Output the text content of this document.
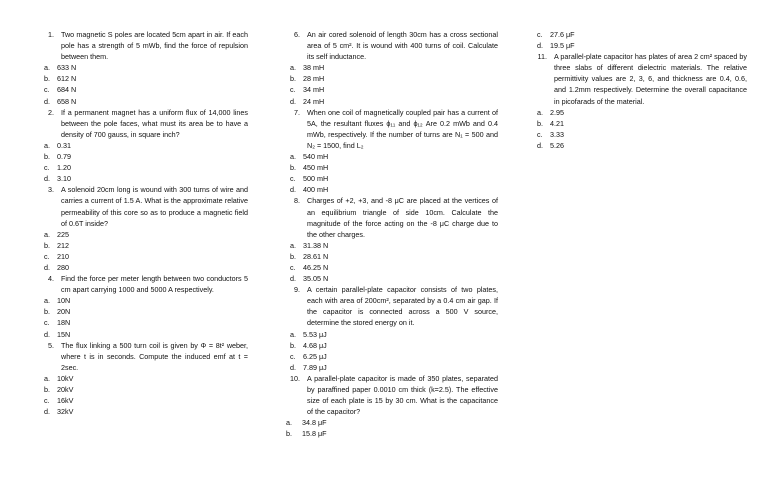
1. Two magnetic S poles are located 5cm apart in air. If each pole has a strength of 5 mWb, find the force of repulsion between them.
a. 633 N
b. 612 N
c.	684 N
d. 658 N
2. If a permanent magnet has a uniform flux of 14,000 lines between the pole faces, what must its area be to have a density of 700 gauss, in square inch?
a. 0.31
b. 0.79
c.	1.20
d. 3.10
3. A solenoid 20cm long is wound with 300 turns of wire and carries a current of 1.5 A. What is the approximate relative permeability of this core so as to produce a magnetic field of 0.6T inside?
a. 225
b. 212
c.	210
d. 280
4. Find the force per meter length between two conductors 5 cm apart carrying 1000 and 5000 A respectively.
a. 10N
b. 20N
c.	18N
d. 15N
5. The flux linking a 500 turn coil is given by Φ = 8t² weber, where t is in seconds. Compute the induced emf at t = 2sec.
a. 10kV
b. 20kV
c.	16kV
d. 32kV
6. An air cored solenoid of length 30cm has a cross sectional area of 5 cm². It is wound with 400 turns of coil. Calculate its self inductance.
a. 38 mH
b. 28 mH
c.	34 mH
d. 24 mH
7. When one coil of magnetically coupled pair has a current of 5A, the resultant fluxes ϕ₁₁ and ϕ₁₂ Are 0.2 mWb and 0.4 mWb, respectively. If the number of turns are N₁ = 500 and N₂ = 1500, find L₂
a. 540 mH
b. 450 mH
c.	500 mH
d. 400 mH
8. Charges of +2, +3, and -8 μC are placed at the vertices of an equilibrium triangle of side 10cm. Calculate the magnitude of the force acting on the -8 μC charge due to the other charges.
a. 31.38 N
b. 28.61 N
c.	46.25 N
d. 35.05 N
9. A certain parallel-plate capacitor consists of two plates, each with area of 200cm², separated by a 0.4 cm air gap. If the capacitor is connected across a 500 V source, determine the stored energy on it.
a. 5.53 μJ
b. 4.68 μJ
c.	6.25 μJ
d. 7.89 μJ
10. A parallel-plate capacitor is made of 350 plates, separated by paraffined paper 0.0010 cm thick (k=2.5). The effective size of each plate is 15 by 30 cm. What is the capacitance of the capacitor?
a.	34.8 μF
b.	15.8 μF
c.	27.6 μF
d. 19.5 μF
11. A parallel-plate capacitor has plates of area 2 cm² spaced by three slabs of different dielectric materials. The relative permittivity values are 2, 3, 6, and thickness are 0.4, 0.6, and 1.2mm respectively. Determine the overall capacitance in picofarads of the material.
a. 2.95
b. 4.21
c.	3.33
d. 5.26
